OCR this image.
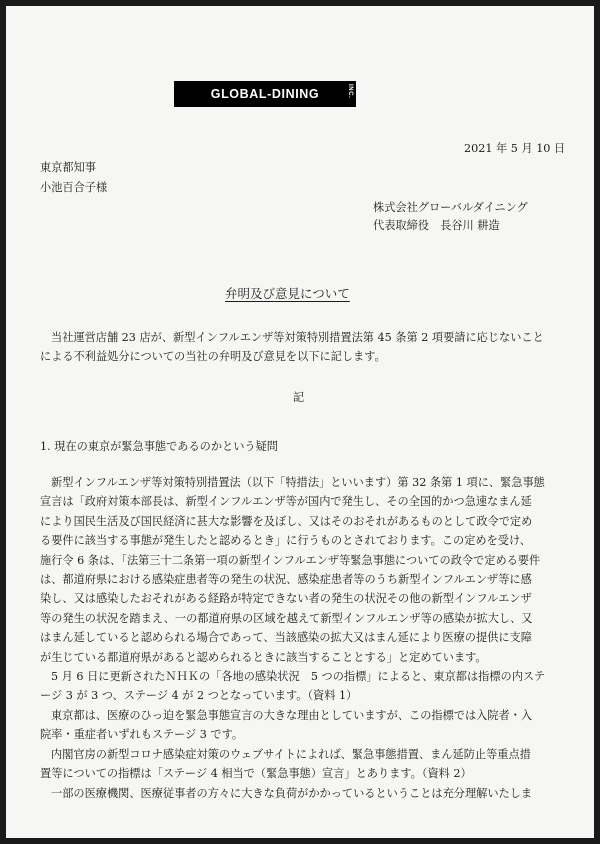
GLOBAL-DINING	INC.
2021 年 5 月 10 日
東京都知事
小池百合子様
株式会社グローバルダイニング
代表取締役　長谷川 耕造
弁明及び意見について

当社運営店舗 23 店が、新型インフルエンザ等対策特別措置法第 45 条第 2 項要請に応じないこと

による不利益処分についての当社の弁明及び意見を以下に記します。

記
1. 現在の東京が緊急事態であるのかという疑問

新型インフルエンザ等対策特別措置法（以下「特措法」といいます）第 32 条第 1 項に、緊急事態

宣言は「政府対策本部長は、新型インフルエンザ等が国内で発生し、その全国的かつ急速なまん延

により国民生活及び国民経済に甚大な影響を及ぼし、又はそのおそれがあるものとして政令で定め

る要件に該当する事態が発生したと認めるとき」に行うものとされております。この定めを受け、

施行令 6 条は、｢法第三十二条第一項の新型インフルエンザ等緊急事態についての政令で定める要件

は、都道府県における感染症患者等の発生の状況、感染症患者等のうち新型インフルエンザ等に感

染し、又は感染したおそれがある経路が特定できない者の発生の状況その他の新型インフルエンザ

等の発生の状況を踏まえ、一の都道府県の区域を越えて新型インフルエンザ等の感染が拡大し、又

はまん延していると認められる場合であって、当該感染の拡大又はまん延により医療の提供に支障

が生じている都道府県があると認められるときに該当することとする」と定めています。

5 月 6 日に更新されたＮＨＫの「各地の感染状況　5 つの指標」によると、東京都は指標の内ステ

ージ 3 が 3 つ、ステージ 4 が 2 つとなっています。（資料 1）

東京都は、医療のひっ迫を緊急事態宣言の大きな理由としていますが、この指標では入院者・入

院率・重症者いずれもステージ 3 です。

内閣官房の新型コロナ感染症対策のウェブサイトによれば、緊急事態措置、まん延防止等重点措

置等についての指標は「ステージ 4 相当で（緊急事態）宣言」とあります。（資料 2）

一部の医療機関、医療従事者の方々に大きな負荷がかかっているということは充分理解いたしま
